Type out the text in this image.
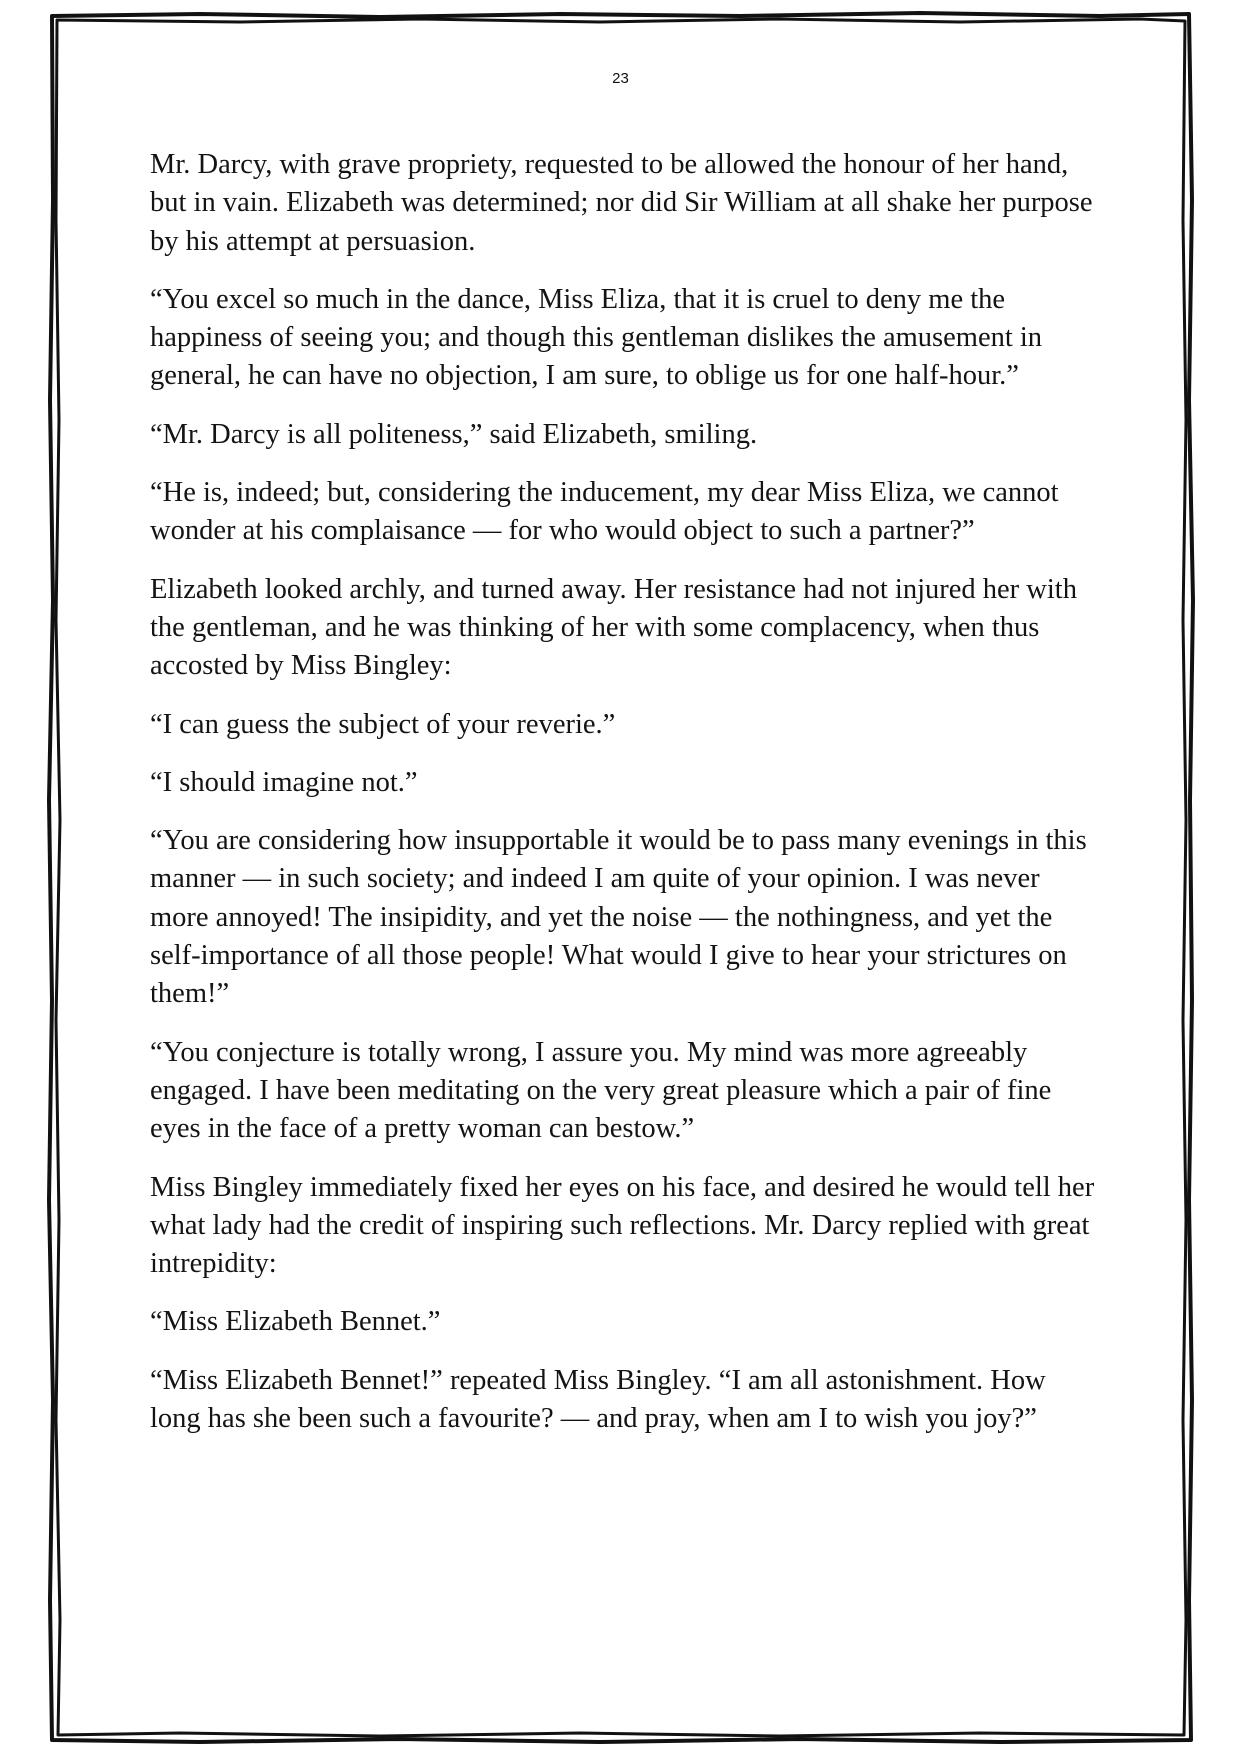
23

Mr. Darcy, with grave propriety, requested to be allowed the honour of her hand, but in vain. Elizabeth was determined; nor did Sir William at all shake her purpose by his attempt at persuasion.

“You excel so much in the dance, Miss Eliza, that it is cruel to deny me the happiness of seeing you; and though this gentleman dislikes the amusement in general, he can have no objection, I am sure, to oblige us for one half-hour.”

“Mr. Darcy is all politeness,” said Elizabeth, smiling.

“He is, indeed; but, considering the inducement, my dear Miss Eliza, we cannot wonder at his complaisance — for who would object to such a partner?”

Elizabeth looked archly, and turned away. Her resistance had not injured her with the gentleman, and he was thinking of her with some complacency, when thus accosted by Miss Bingley:

“I can guess the subject of your reverie.”

“I should imagine not.”

“You are considering how insupportable it would be to pass many evenings in this manner — in such society; and indeed I am quite of your opinion. I was never more annoyed! The insipidity, and yet the noise — the nothingness, and yet the self-importance of all those people! What would I give to hear your strictures on them!”

“You conjecture is totally wrong, I assure you. My mind was more agreeably engaged. I have been meditating on the very great pleasure which a pair of fine eyes in the face of a pretty woman can bestow.”

Miss Bingley immediately fixed her eyes on his face, and desired he would tell her what lady had the credit of inspiring such reflections. Mr. Darcy replied with great intrepidity:

“Miss Elizabeth Bennet.”

“Miss Elizabeth Bennet!” repeated Miss Bingley. “I am all astonishment. How long has she been such a favourite? — and pray, when am I to wish you joy?”
